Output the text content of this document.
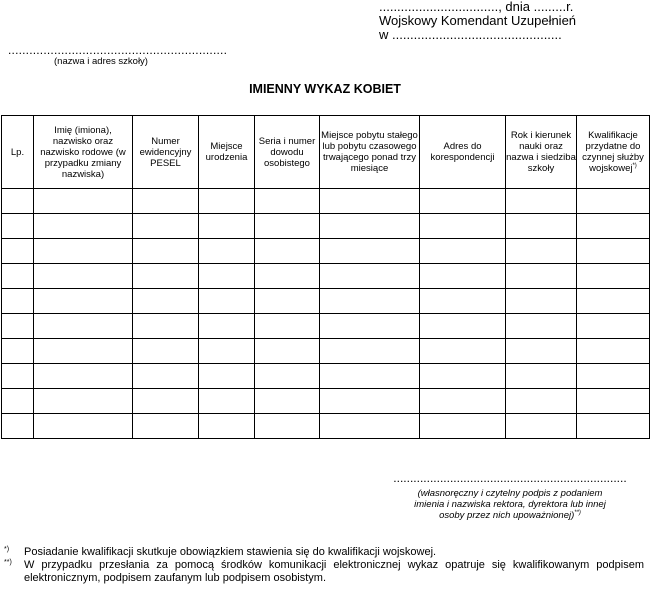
................................., dnia .........r.
Wojskowy Komendant Uzupełnień
w ...............................................
..............................................................
(nazwa i adres szkoły)
IMIENNY WYKAZ KOBIET
Lp.	Imię (imiona), nazwisko oraz nazwisko rodowe (w przypadku zmiany nazwiska)	Numer ewidencyjny PESEL	Miejsce urodzenia	Seria i numer dowodu osobistego	Miejsce pobytu stałego lub pobytu czasowego trwającego ponad trzy miesiące	Adres do korespondencji	Rok i kierunek nauki oraz nazwa i siedziba szkoły	Kwalifikacje przydatne do czynnej służby wojskowej*)

......................................................................
(własnoręczny i czytelny podpis z podaniem
imienia i nazwiska rektora, dyrektora lub innej
osoby przez nich upoważnionej)**)
*) Posiadanie kwalifikacji skutkuje obowiązkiem stawienia się do kwalifikacji wojskowej.
**) W przypadku przesłania za pomocą środków komunikacji elektronicznej wykaz opatruje się kwalifikowanym podpisem elektronicznym, podpisem zaufanym lub podpisem osobistym.
